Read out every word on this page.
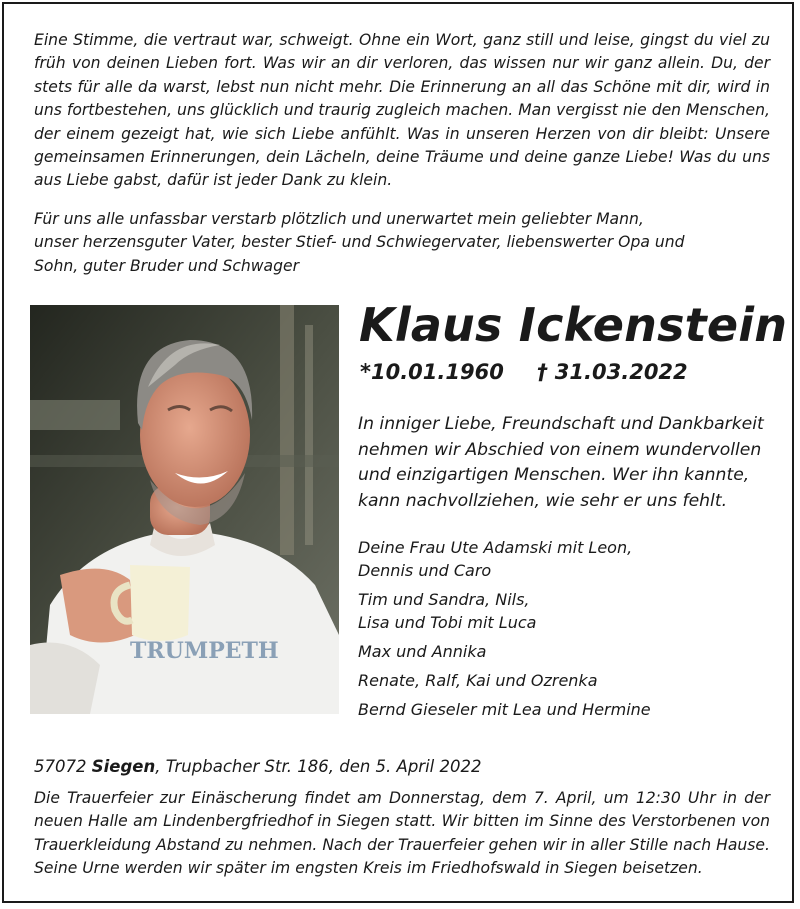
Eine Stimme, die vertraut war, schweigt. Ohne ein Wort, ganz still und leise, gingst du viel zu früh von deinen Lieben fort. Was wir an dir verloren, das wissen nur wir ganz allein. Du, der stets für alle da warst, lebst nun nicht mehr. Die Erinnerung an all das Schöne mit dir, wird in uns fortbestehen, uns glücklich und traurig zugleich machen. Man vergisst nie den Menschen, der einem gezeigt hat, wie sich Liebe anfühlt. Was in unseren Herzen von dir bleibt: Unsere gemeinsamen Erinnerungen, dein Lächeln, deine Träume und deine ganze Liebe! Was du uns aus Liebe gabst, dafür ist jeder Dank zu klein.

Für uns alle unfassbar verstarb plötzlich und unerwartet mein geliebter Mann,
unser herzensguter Vater, bester Stief- und Schwiegervater, liebenswerter Opa und
Sohn, guter Bruder und Schwager
TRUMPETH
Klaus Ickenstein
*10.01.1960 † 31.03.2022
In inniger Liebe, Freundschaft und Dankbarkeit
nehmen wir Abschied von einem wundervollen
und einzigartigen Menschen. Wer ihn kannte,
kann nachvollziehen, wie sehr er uns fehlt.
Deine Frau Ute Adamski mit Leon,
Dennis und Caro
Tim und Sandra, Nils,
Lisa und Tobi mit Luca
Max und Annika
Renate, Ralf, Kai und Ozrenka
Bernd Gieseler mit Lea und Hermine
57072 Siegen, Trupbacher Str. 186, den 5. April 2022

Die Trauerfeier zur Einäscherung findet am Donnerstag, dem 7. April, um 12:30 Uhr in der neuen Halle am Lindenbergfriedhof in Siegen statt. Wir bitten im Sinne des Verstorbenen von Trauerkleidung Abstand zu nehmen. Nach der Trauerfeier gehen wir in aller Stille nach Hause. Seine Urne werden wir später im engsten Kreis im Friedhofswald in Siegen beisetzen.
